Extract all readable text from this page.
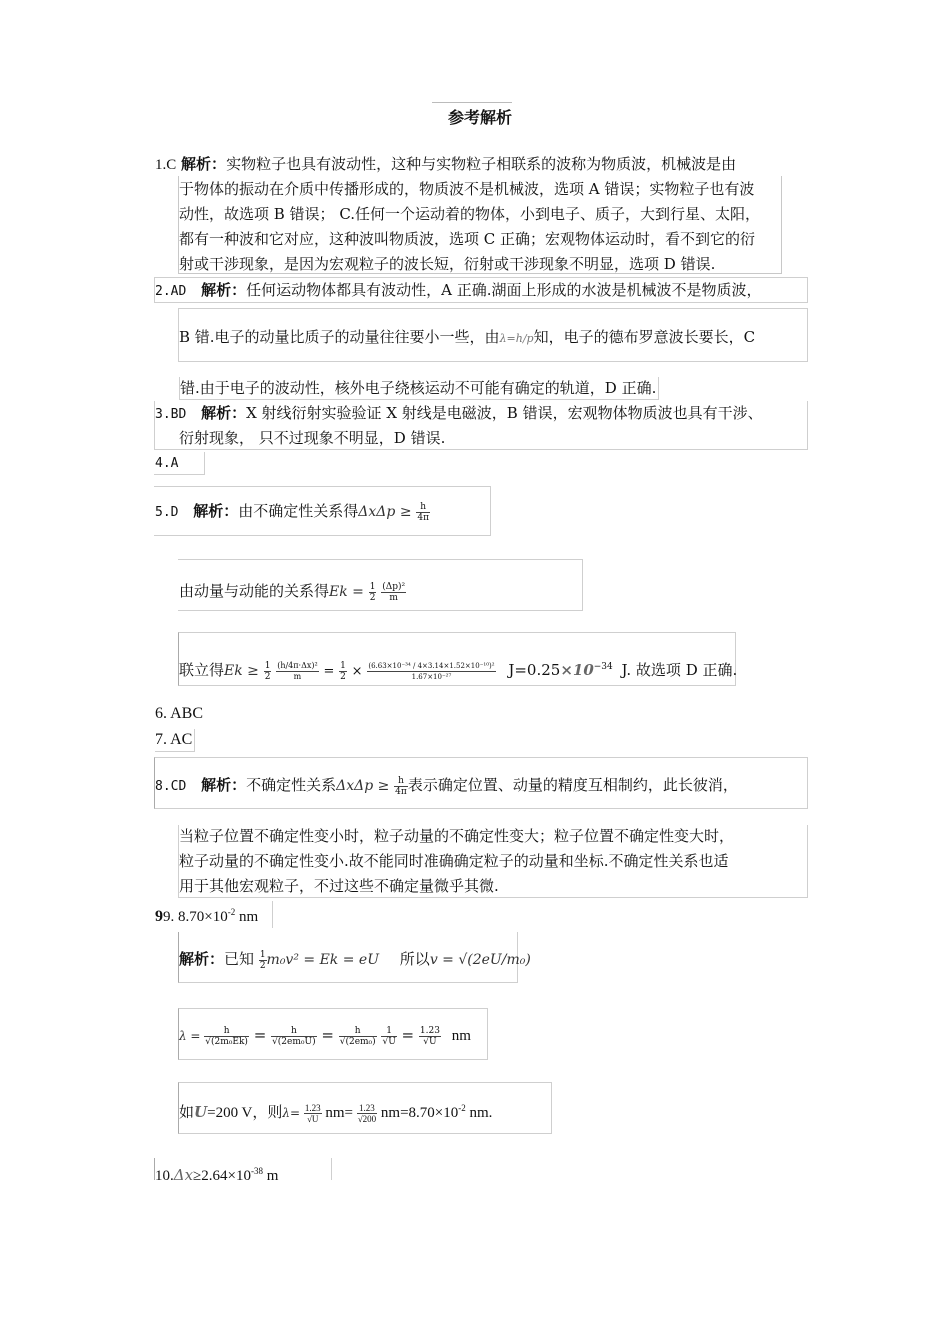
参考解析
1.C 解析：实物粒子也具有波动性，这种与实物粒子相联系的波称为物质波，机械波是由
于物体的振动在介质中传播形成的，物质波不是机械波，选项 A 错误；实物粒子也有波
动性，故选项 B 错误； C.任何一个运动着的物体，小到电子、质子，大到行星、太阳，
都有一种波和它对应，这种波叫物质波，选项 C 正确；宏观物体运动时，看不到它的衍
射或干涉现象，是因为宏观粒子的波长短，衍射或干涉现象不明显，选项 D 错误.
2.AD 解析：任何运动物体都具有波动性，A 正确.湖面上形成的水波是机械波不是物质波，
B 错.电子的动量比质子的动量往往要小一些，由λ=h/p知，电子的德布罗意波长要长，C
错.由于电子的波动性，核外电子绕核运动不可能有确定的轨道，D 正确.
3.BD 解析：X 射线衍射实验验证 X 射线是电磁波，B 错误，宏观物体物质波也具有干涉、
衍射现象， 只不过现象不明显，D 错误.
4.A
5.D 解析：由不确定性关系得$\Delta x\Delta p \ge \frac{h}{4\pi}$
由动量与动能的关系得$Ek = \frac{1}{2}$
$\frac{\text{(Δp)²}}{m}$
联立得$Ek \ge \frac{1}{2}$
$\frac{\text{(h/4π·Δx)²}}{m} = \frac{1}{2} \times \frac{\text{(6.63×10⁻³⁴ / 4×3.14×1.52×10⁻¹⁰)²}}{\text{1.67×10⁻²⁷}} J=0.25\times 10^{-34}$ J. 故选项 D 正确.
6. ABC
7. AC
8.CD 解析：不确定性关系$\Delta x\Delta p \ge \frac{h}{4\pi}$ 表示确定位置、动量的精度互相制约，此长彼消，
当粒子位置不确定性变小时，粒子动量的不确定性变大；粒子位置不确定性变大时，
粒子动量的不确定性变小.故不能同时准确确定粒子的动量和坐标.不确定性关系也适
用于其他宏观粒子，不过这些不确定量微乎其微.
99. $8.70\times 10^{-2}$ nm
解析：已知 $\frac{1}{2} m_0v^2 = Ek$ = eU 所以v = √(2eU/m₀)
$\lambda = \frac{h}{\text{√(2m₀Ek)}} = \frac{h}{\text{√(2em₀U)}} = \frac{h}{\text{√(2em₀)}}$
$\frac{1}{√U} = \frac{1.23}{√U}$ nm
如U=200 V，则$\lambda= \frac{1.23}{√U} nm= \frac{1.23}{√200} nm=8.70\times 10^{-2}$ nm.
$10.\Delta x\ge 2.64\times 10^{-38}$ m
